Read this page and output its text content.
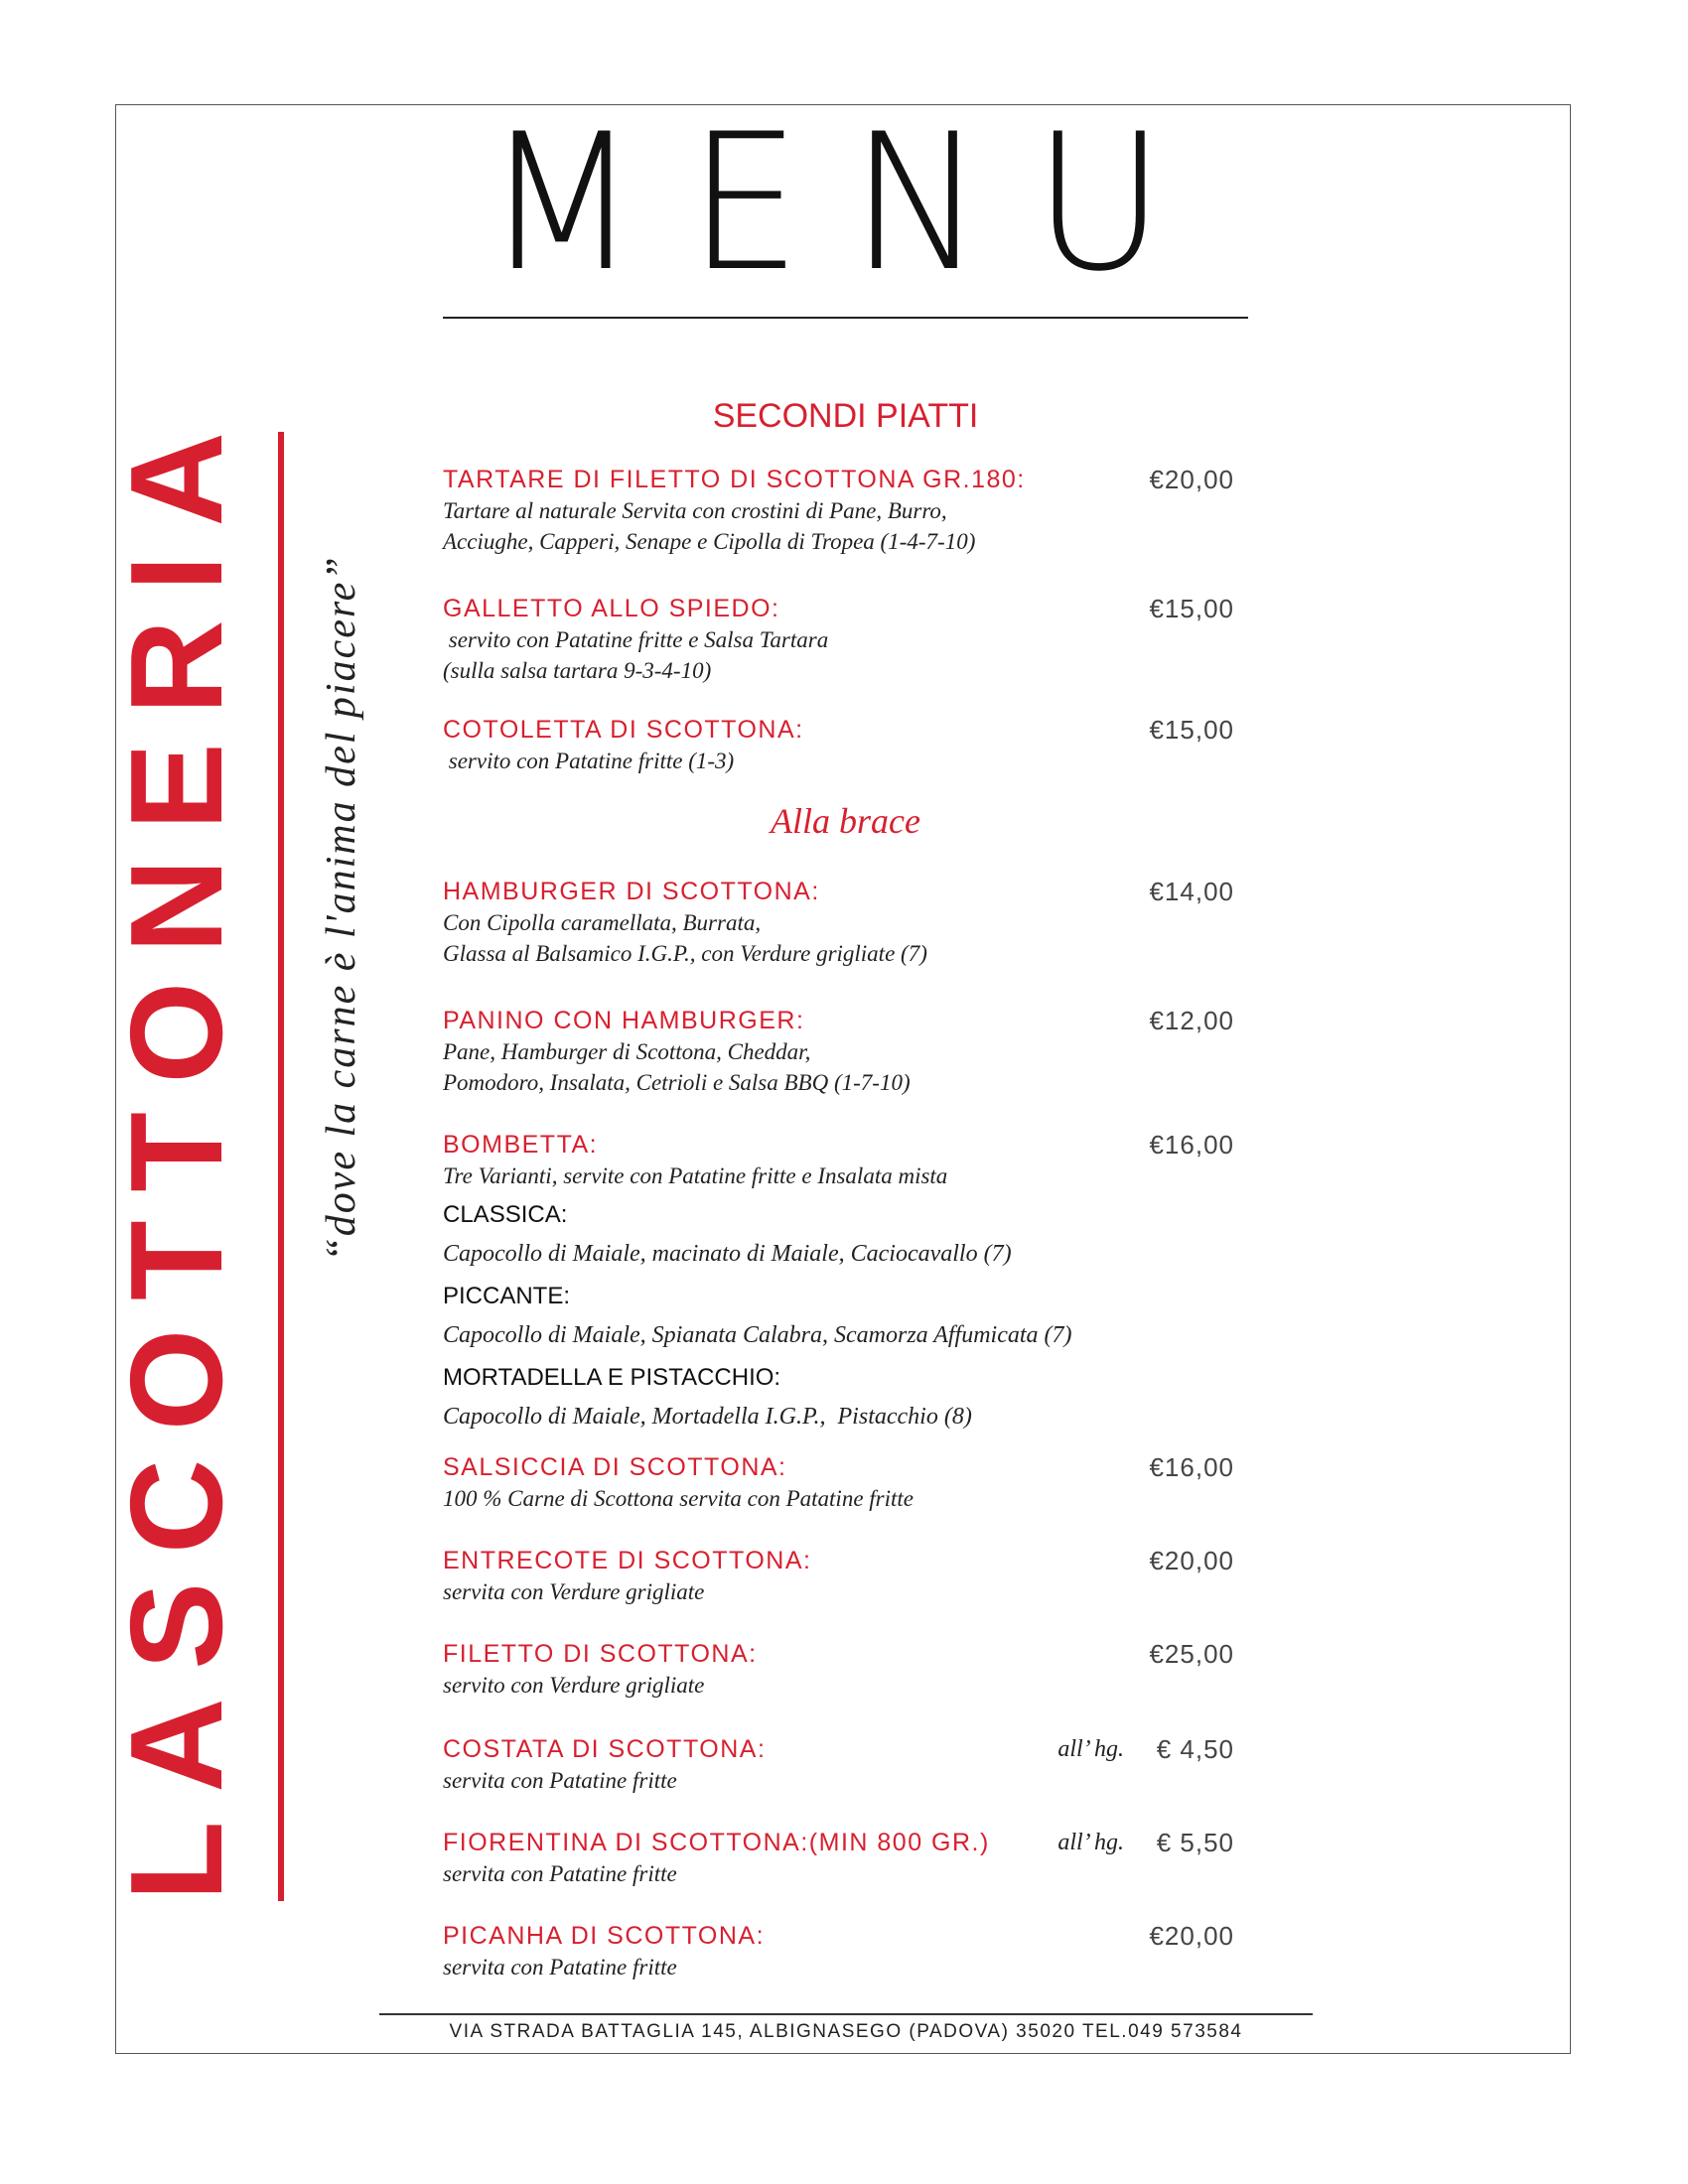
L
A
S
C
O
T
T
O
N
E
R
I
A
“dove la carne è l'anima del piacere”
MENU
SECONDI PIATTI
Alla brace
TARTARE DI FILETTO DI SCOTTONA GR.180:	€20,00
Tartare al naturale Servita con crostini di Pane, Burro,
Acciughe, Capperi, Senape e Cipolla di Tropea (1-4-7-10)
GALLETTO ALLO SPIEDO:	€15,00
servito con Patatine fritte e Salsa Tartara
(sulla salsa tartara 9-3-4-10)
COTOLETTA DI SCOTTONA:	€15,00
servito con Patatine fritte (1-3)
HAMBURGER DI SCOTTONA:	€14,00
Con Cipolla caramellata, Burrata,
Glassa al Balsamico I.G.P., con Verdure grigliate (7)
PANINO CON HAMBURGER:	€12,00
Pane, Hamburger di Scottona, Cheddar,
Pomodoro, Insalata, Cetrioli e Salsa BBQ (1-7-10)
BOMBETTA:	€16,00
Tre Varianti, servite con Patatine fritte e Insalata mista
CLASSICA:
Capocollo di Maiale, macinato di Maiale, Caciocavallo (7)
PICCANTE:
Capocollo di Maiale, Spianata Calabra, Scamorza Affumicata (7)
MORTADELLA E PISTACCHIO:
Capocollo di Maiale, Mortadella I.G.P.,  Pistacchio (8)
SALSICCIA DI SCOTTONA:	€16,00
100 % Carne di Scottona servita con Patatine fritte
ENTRECOTE DI SCOTTONA:	€20,00
servita con Verdure grigliate
FILETTO DI SCOTTONA:	€25,00
servito con Verdure grigliate
COSTATA DI SCOTTONA:	all’ hg. € 4,50
servita con Patatine fritte
FIORENTINA DI SCOTTONA:(MIN 800 GR.)	all’ hg. € 5,50
servita con Patatine fritte
PICANHA DI SCOTTONA:	€20,00
servita con Patatine fritte
VIA STRADA BATTAGLIA 145, ALBIGNASEGO (PADOVA) 35020 TEL.049 573584
